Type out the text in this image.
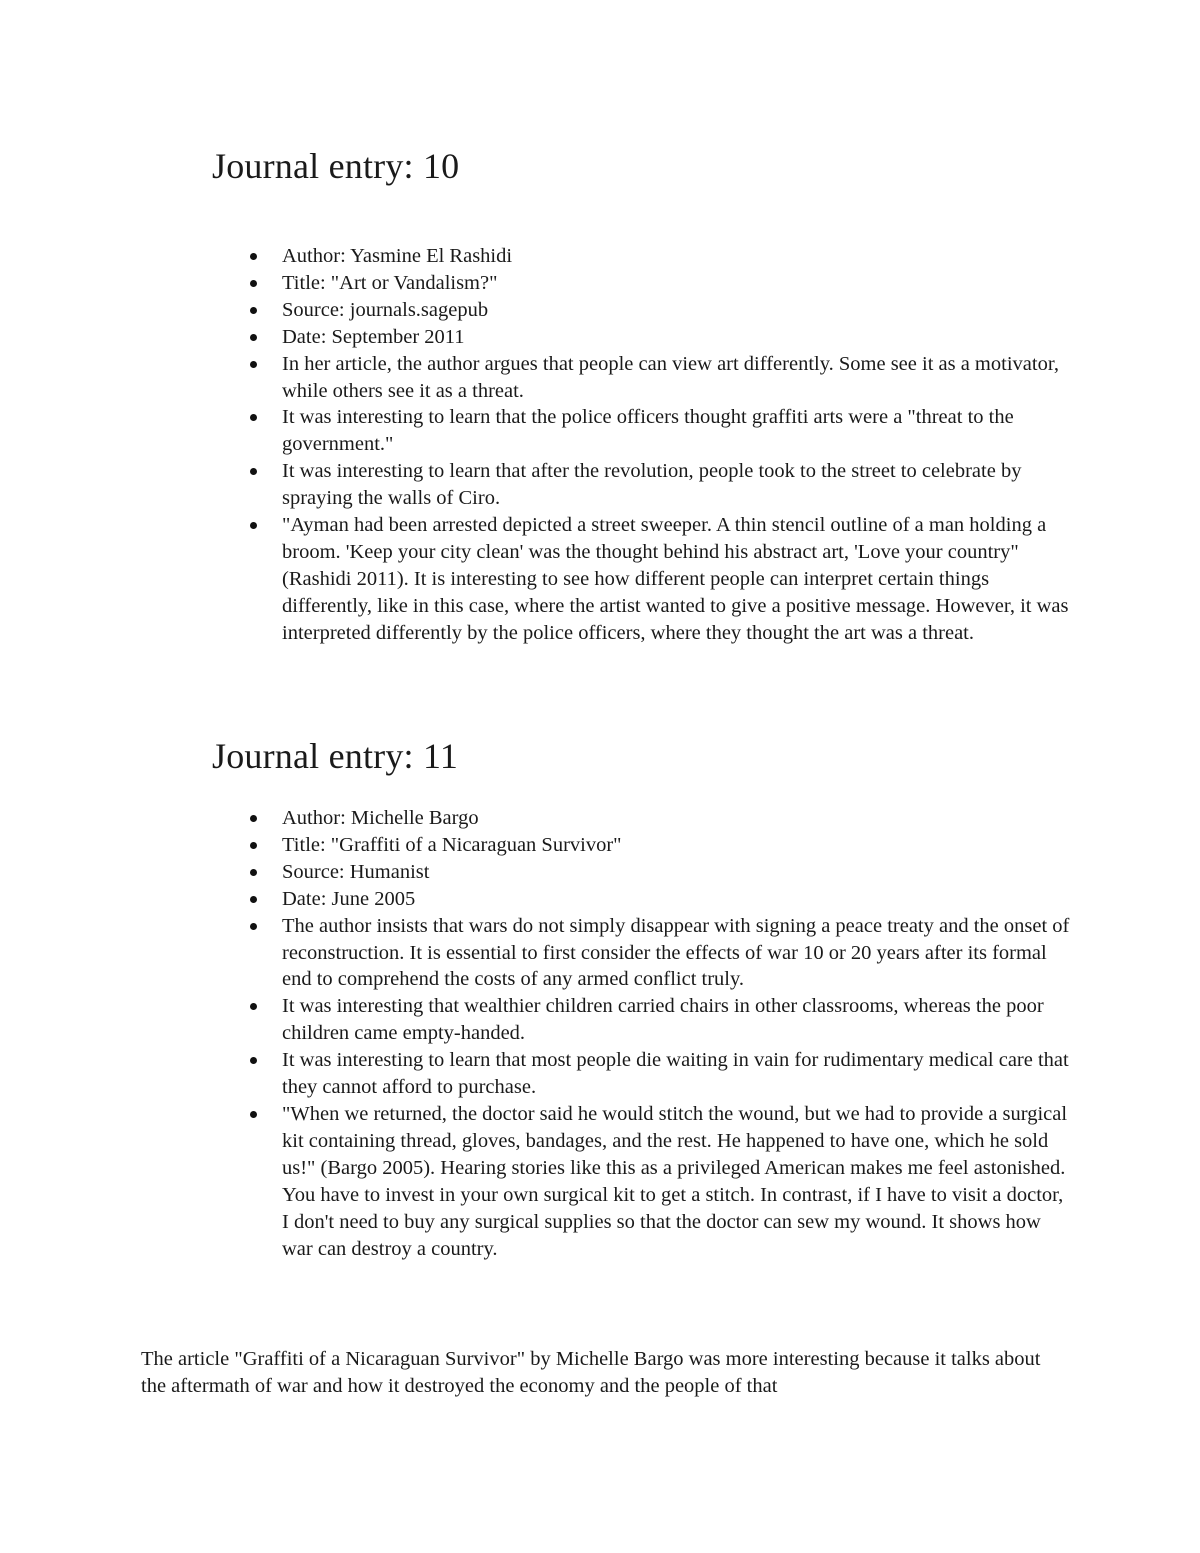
Journal entry: 10
Author: Yasmine El Rashidi
Title: "Art or Vandalism?"
Source: journals.sagepub
Date: September 2011
In her article, the author argues that people can view art differently. Some see it as a motivator, while others see it as a threat.
It was interesting to learn that the police officers thought graffiti arts were a "threat to the government."
It was interesting to learn that after the revolution, people took to the street to celebrate by spraying the walls of Ciro.
"Ayman had been arrested depicted a street sweeper. A thin stencil outline of a man holding a broom. 'Keep your city clean' was the thought behind his abstract art, 'Love your country" (Rashidi 2011). It is interesting to see how different people can interpret certain things differently, like in this case, where the artist wanted to give a positive message. However, it was interpreted differently by the police officers, where they thought the art was a threat.
Journal entry: 11
Author: Michelle Bargo
Title: "Graffiti of a Nicaraguan Survivor"
Source: Humanist
Date: June 2005
The author insists that wars do not simply disappear with signing a peace treaty and the onset of reconstruction. It is essential to first consider the effects of war 10 or 20 years after its formal end to comprehend the costs of any armed conflict truly.
It was interesting that wealthier children carried chairs in other classrooms, whereas the poor children came empty-handed.
It was interesting to learn that most people die waiting in vain for rudimentary medical care that they cannot afford to purchase.
"When we returned, the doctor said he would stitch the wound, but we had to provide a surgical kit containing thread, gloves, bandages, and the rest. He happened to have one, which he sold us!" (Bargo 2005). Hearing stories like this as a privileged American makes me feel astonished. You have to invest in your own surgical kit to get a stitch. In contrast, if I have to visit a doctor, I don't need to buy any surgical supplies so that the doctor can sew my wound. It shows how war can destroy a country.

The article "Graffiti of a Nicaraguan Survivor" by Michelle Bargo was more interesting because it talks about the aftermath of war and how it destroyed the economy and the people of that
